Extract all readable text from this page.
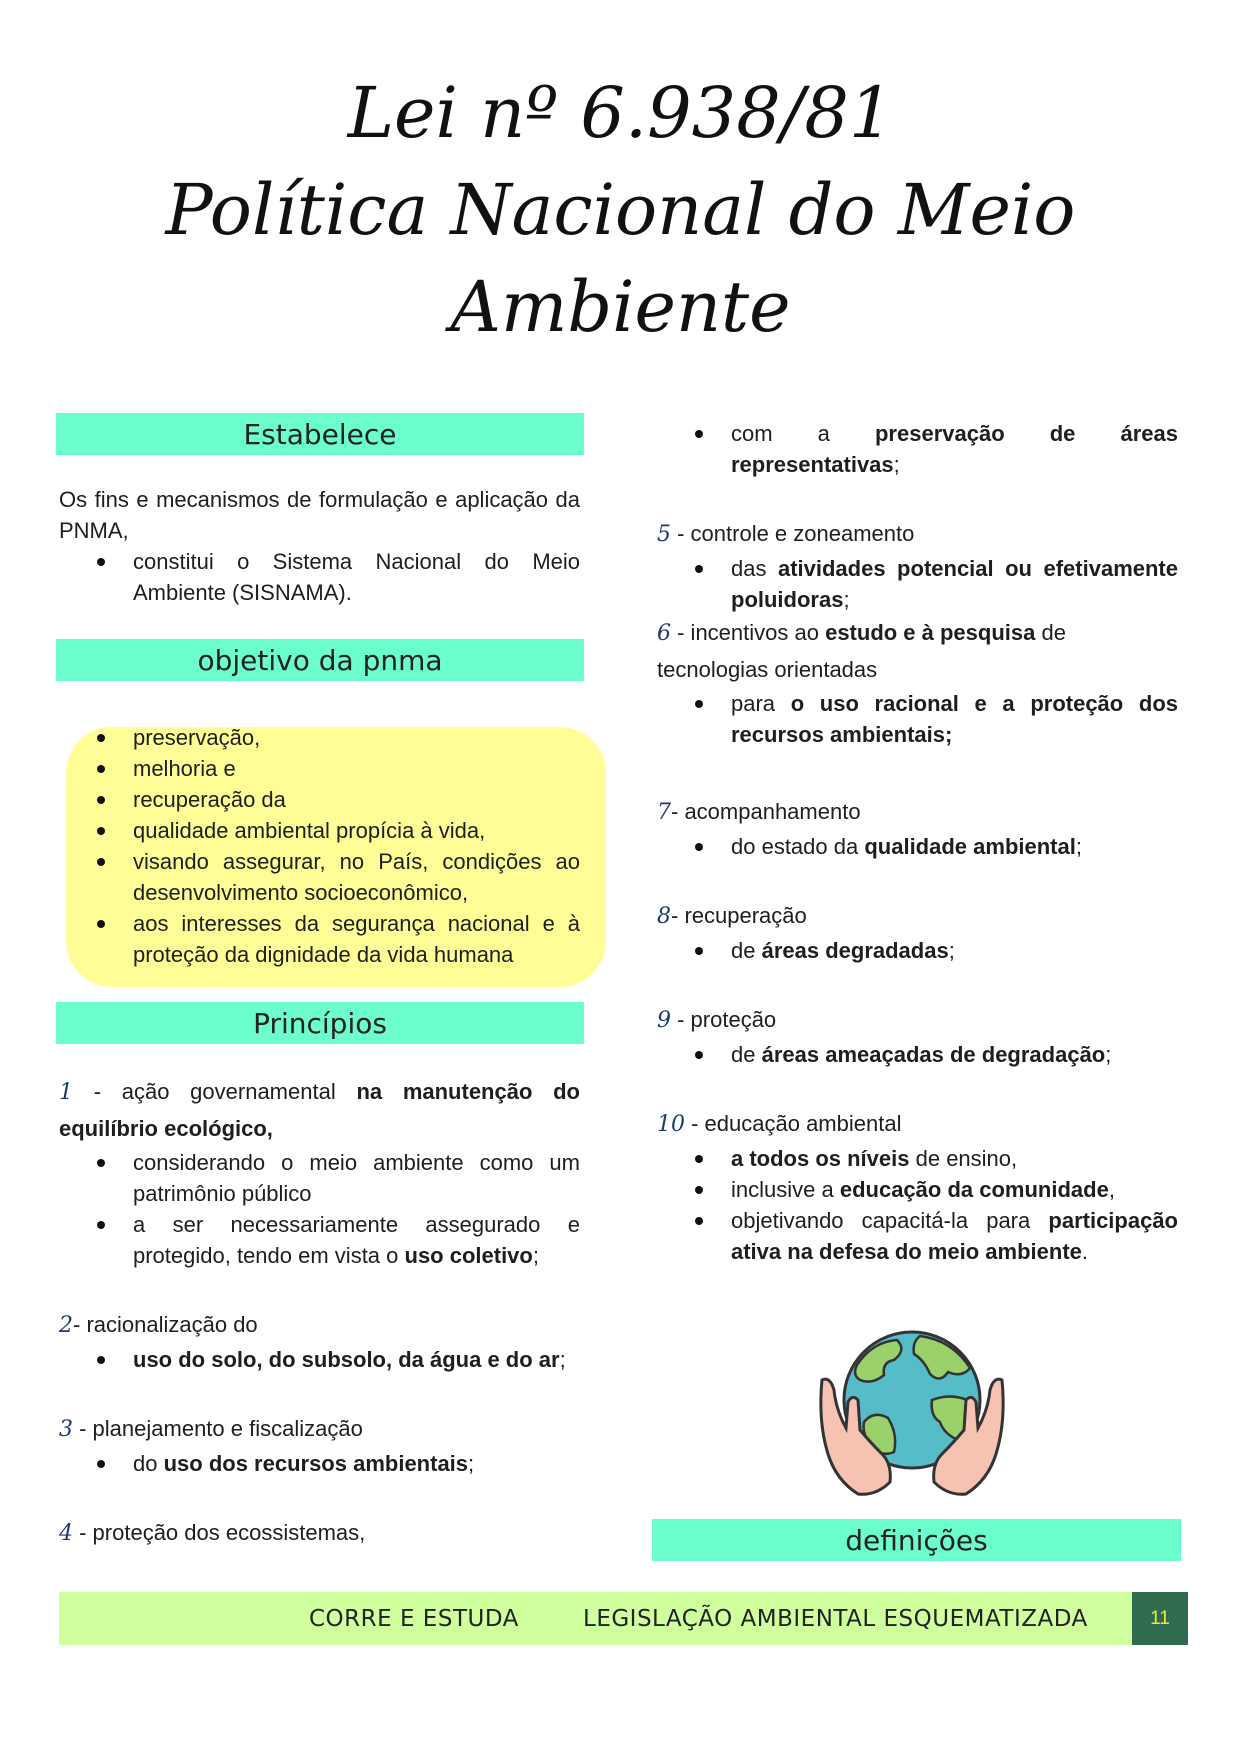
Lei nº 6.938/81
Política Nacional do Meio
Ambiente
Estabelece

Os fins e mecanismos de formulação e aplicação da PNMA,

constitui o Sistema Nacional do Meio Ambiente (SISNAMA).
objetivo da pnma
preservação,
melhoria e
recuperação da
qualidade ambiental propícia à vida,
visando assegurar, no País, condições ao desenvolvimento socioeconômico,
aos interesses da segurança nacional e à proteção da dignidade da vida humana
Princípios

1 - ação governamental na manutenção do equilíbrio ecológico,

considerando o meio ambiente como um patrimônio público
a ser necessariamente assegurado e protegido, tendo em vista o uso coletivo;

2- racionalização do

uso do solo, do subsolo, da água e do ar;

3 - planejamento e fiscalização

do uso dos recursos ambientais;

4 - proteção dos ecossistemas,

com a preservação de áreas representativas;

5 - controle e zoneamento

das atividades potencial ou efetivamente poluidoras;

6 - incentivos ao estudo e à pesquisa de tecnologias orientadas

para o uso racional e a proteção dos recursos ambientais;

7- acompanhamento

do estado da qualidade ambiental;

8- recuperação

de áreas degradadas;

9 - proteção

de áreas ameaçadas de degradação;

10 - educação ambiental

a todos os níveis de ensino,
inclusive a educação da comunidade,
objetivando capacitá-la para participação ativa na defesa do meio ambiente.
definições
CORRE E ESTUDA	LEGISLAÇÃO AMBIENTAL ESQUEMATIZADA	11
